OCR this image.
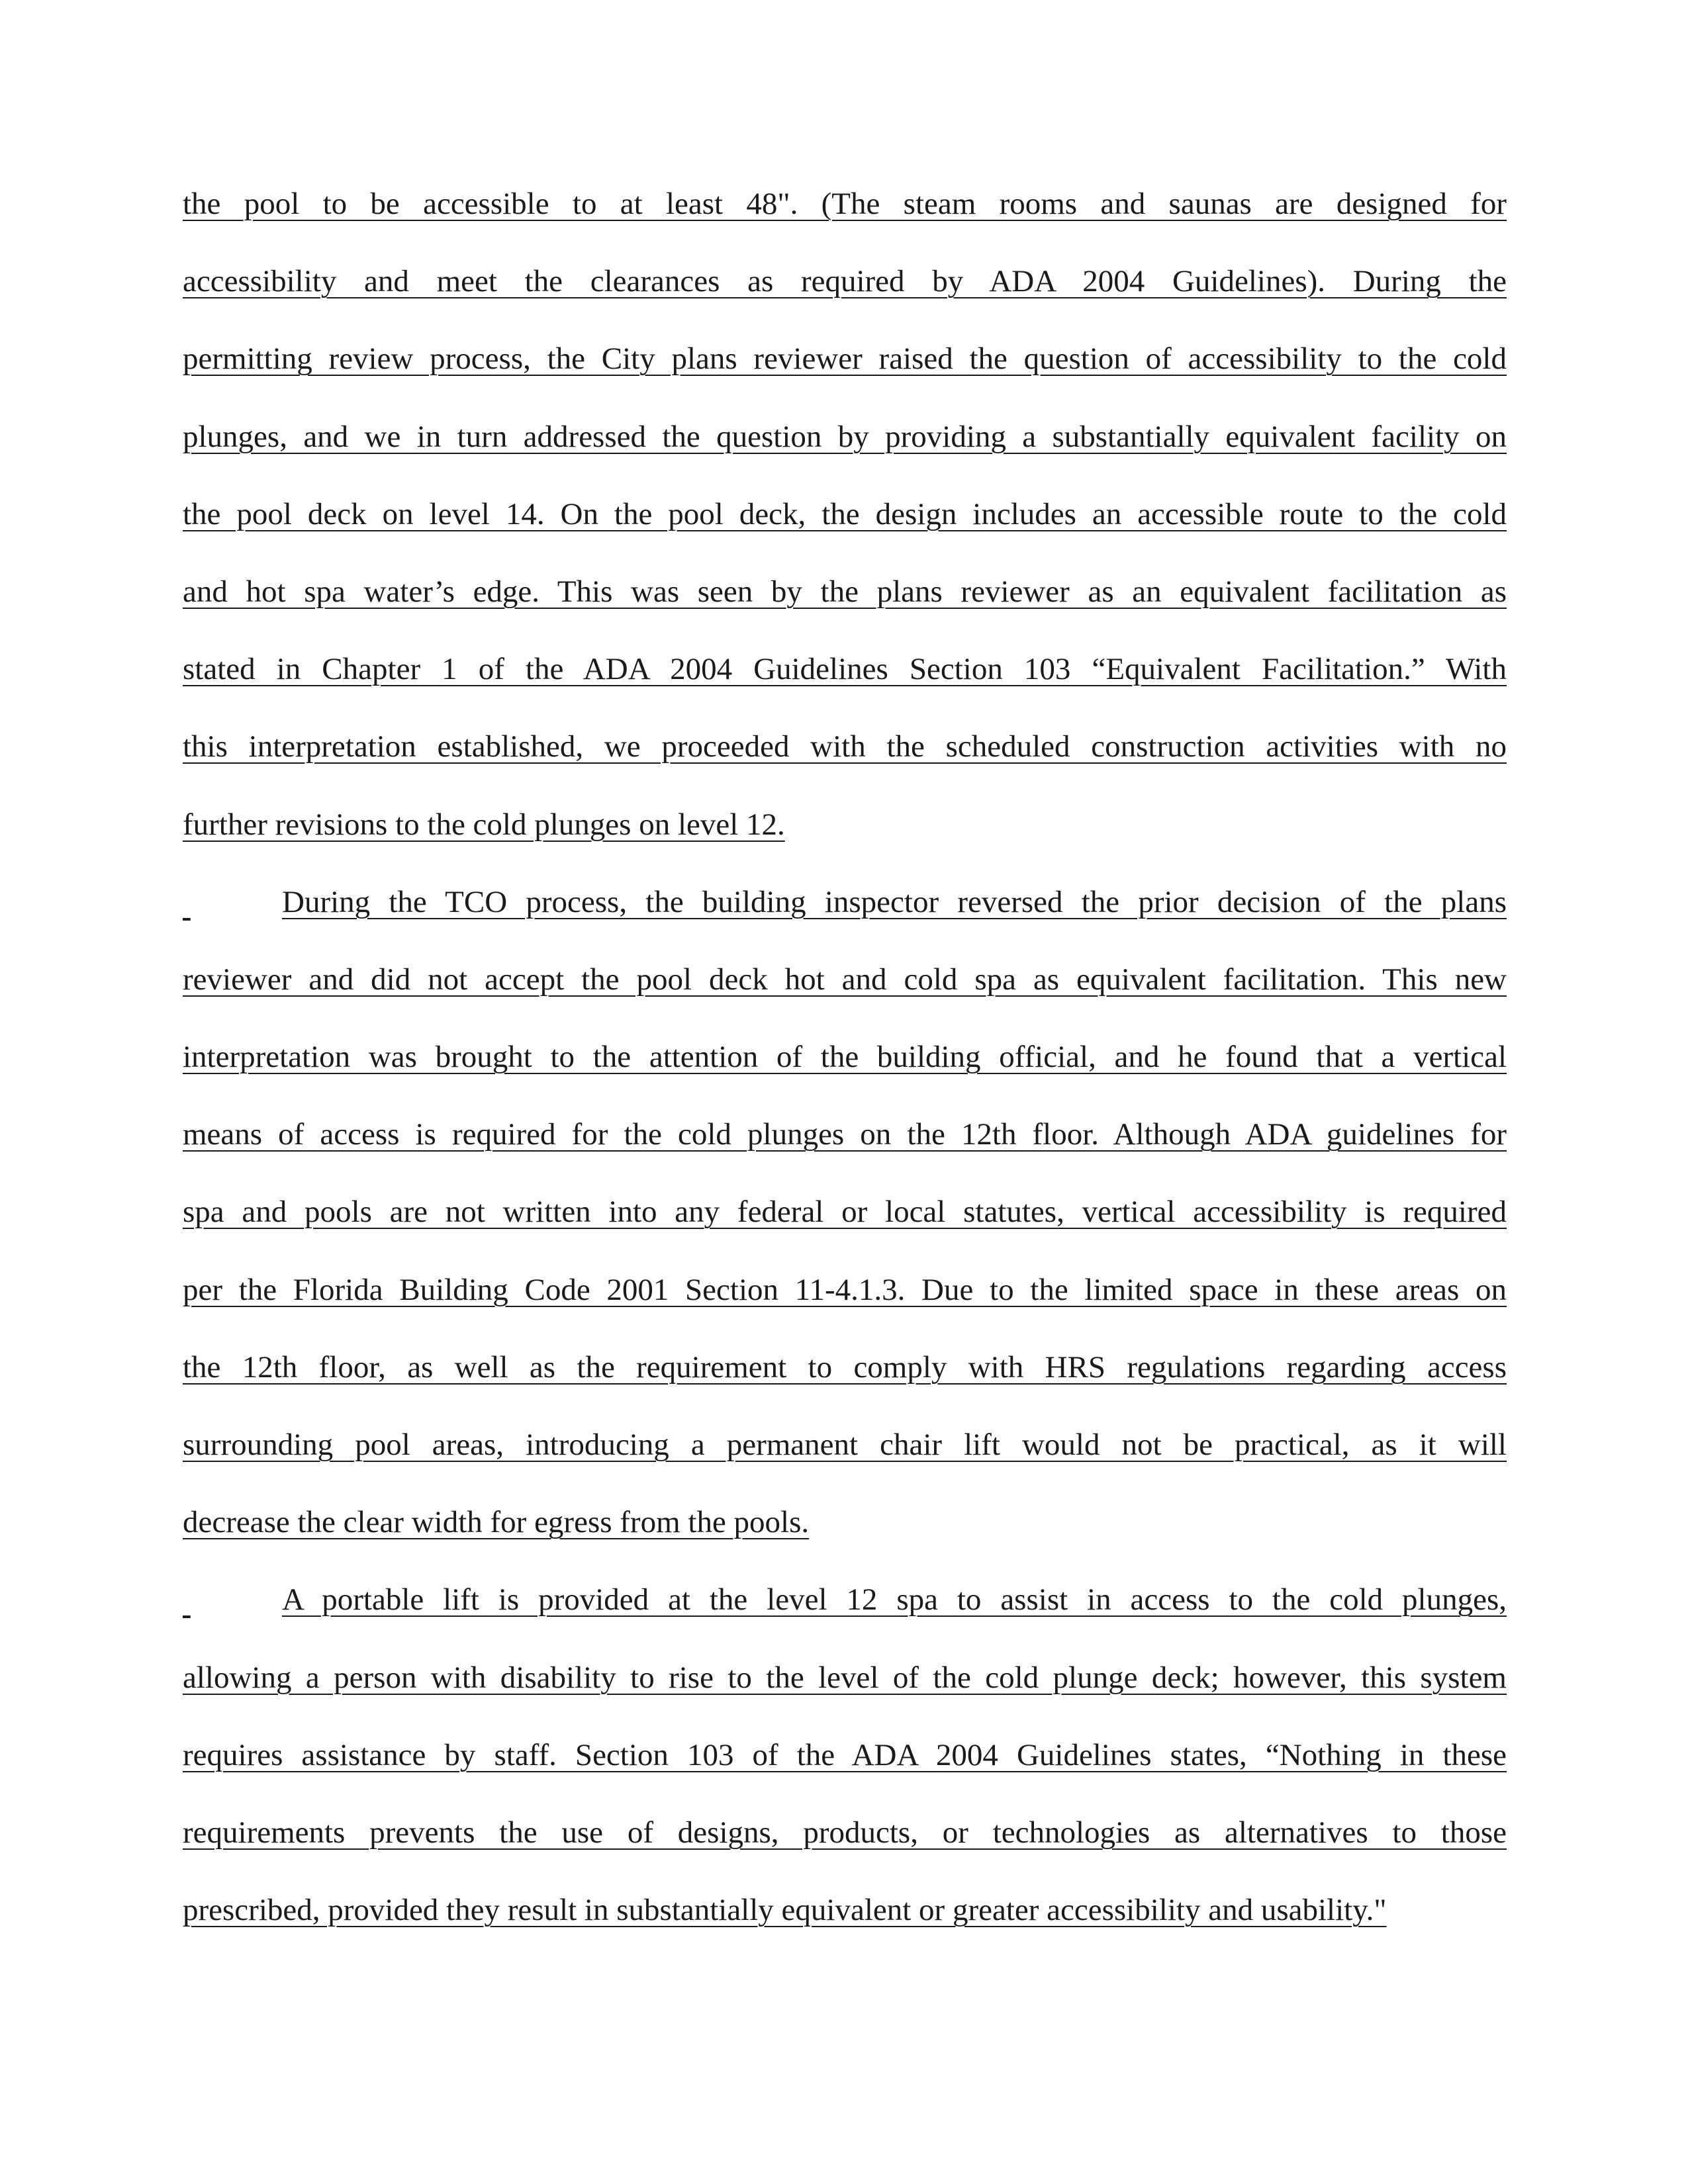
the pool to be accessible to at least 48". (The steam rooms and saunas are designed for
accessibility and meet the clearances as required by ADA 2004 Guidelines). During the
permitting review process, the City plans reviewer raised the question of accessibility to the cold
plunges, and we in turn addressed the question by providing a substantially equivalent facility on
the pool deck on level 14. On the pool deck, the design includes an accessible route to the cold
and hot spa water’s edge. This was seen by the plans reviewer as an equivalent facilitation as
stated in Chapter 1 of the ADA 2004 Guidelines Section 103 “Equivalent Facilitation.” With
this interpretation established, we proceeded with the scheduled construction activities with no
further revisions to the cold plunges on level 12.
During the TCO process, the building inspector reversed the prior decision of the plans
reviewer and did not accept the pool deck hot and cold spa as equivalent facilitation. This new
interpretation was brought to the attention of the building official, and he found that a vertical
means of access is required for the cold plunges on the 12th floor. Although ADA guidelines for
spa and pools are not written into any federal or local statutes, vertical accessibility is required
per the Florida Building Code 2001 Section 11-4.1.3. Due to the limited space in these areas on
the 12th floor, as well as the requirement to comply with HRS regulations regarding access
surrounding pool areas, introducing a permanent chair lift would not be practical, as it will
decrease the clear width for egress from the pools.
A portable lift is provided at the level 12 spa to assist in access to the cold plunges,
allowing a person with disability to rise to the level of the cold plunge deck; however, this system
requires assistance by staff. Section 103 of the ADA 2004 Guidelines states, “Nothing in these
requirements prevents the use of designs, products, or technologies as alternatives to those
prescribed, provided they result in substantially equivalent or greater accessibility and usability."
